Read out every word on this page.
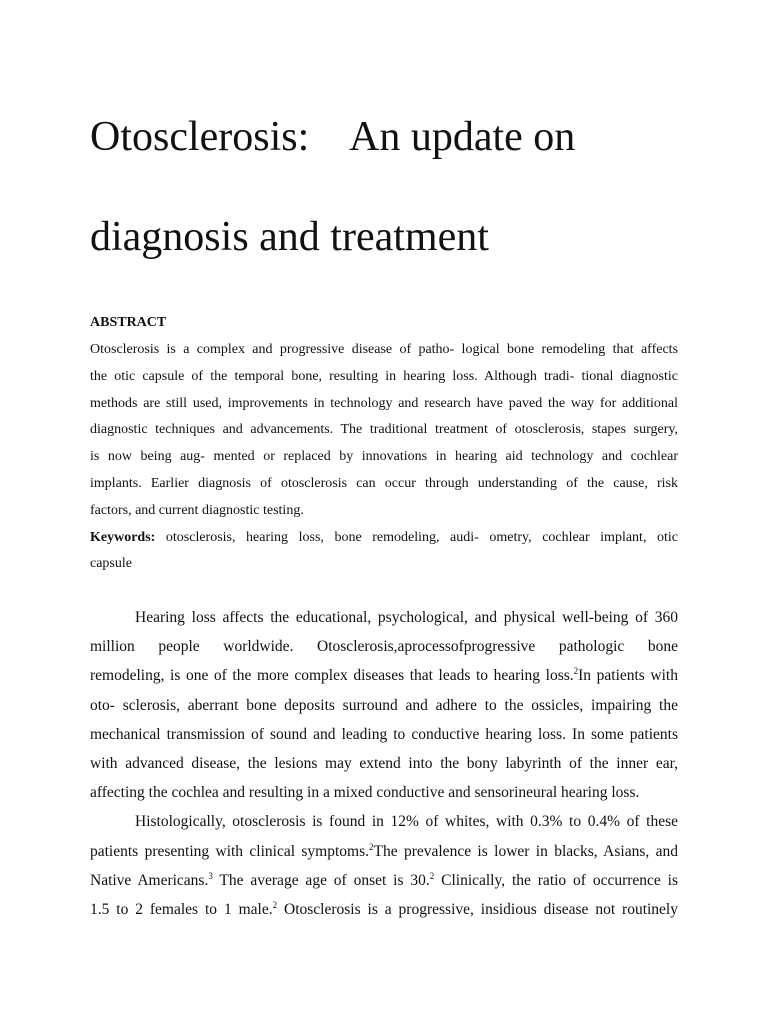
Otosclerosis:    An update on
diagnosis and treatment
ABSTRACT
Otosclerosis is a complex and progressive disease of patho- logical bone remodeling that affects
the otic capsule of the temporal bone, resulting in hearing loss. Although tradi- tional diagnostic
methods are still used, improvements in technology and research have paved the way for additional
diagnostic techniques and advancements. The traditional treatment of otosclerosis, stapes surgery,
is now being aug- mented or replaced by innovations in hearing aid technology and cochlear
implants. Earlier diagnosis of otosclerosis can occur through understanding of the cause, risk
factors, and current diagnostic testing.
Keywords: otosclerosis, hearing loss, bone remodeling, audi- ometry, cochlear implant, otic
capsule
Hearing loss affects the educational, psychological, and physical well-being of 360
million people worldwide. Otosclerosis,aprocessofprogressive pathologic bone
remodeling, is one of the more complex diseases that leads to hearing loss.$^2$In patients with
oto- sclerosis, aberrant bone deposits surround and adhere to the ossicles, impairing the
mechanical transmission of sound and leading to conductive hearing loss. In some patients
with advanced disease, the lesions may extend into the bony labyrinth of the inner ear,
affecting the cochlea and resulting in a mixed conductive and sensorineural hearing loss.
Histologically, otosclerosis is found in 12% of whites, with 0.3% to 0.4% of these
patients presenting with clinical symptoms.$^2$The prevalence is lower in blacks, Asians, and
Native Americans.$^3$ The average age of onset is 30.$^2$ Clinically, the ratio of occurrence is
1.5 to 2 females to 1 male.$^2$ Otosclerosis is a progressive, insidious disease not routinely
